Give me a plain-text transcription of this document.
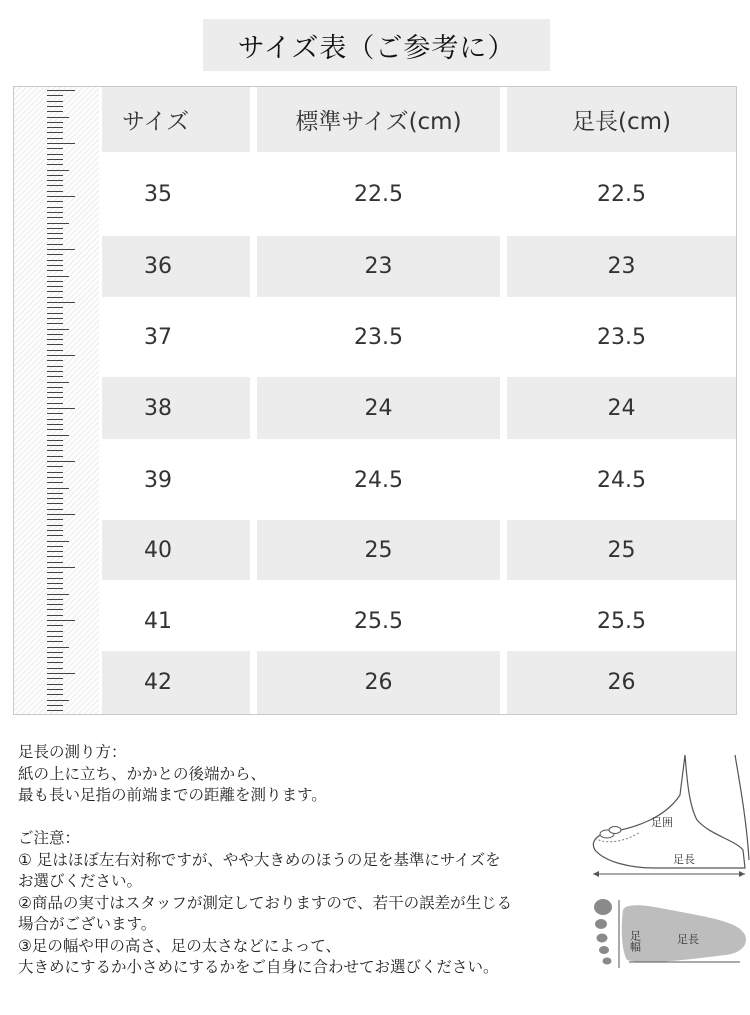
サイズ表（ご参考に）
サイズ	標準サイズ(cm)	足長(cm)
35	22.5	22.5
36	23	23
37	23.5	23.5
38	24	24
39	24.5	24.5
40	25	25
41	25.5	25.5
42	26	26
足長の測り方：
紙の上に立ち、かかとの後端から、
最も長い足指の前端までの距離を測ります。
ご注意：
① 足はほぼ左右対称ですが、やや大きめのほうの足を基準にサイズを
お選びください。
②商品の実寸はスタッフが測定しておりますので、若干の誤差が生じる
場合がございます。
③足の幅や甲の高さ、足の太さなどによって、
大きめにするか小さめにするかをご自身に合わせてお選びください。
足囲
足長
足幅	足長
